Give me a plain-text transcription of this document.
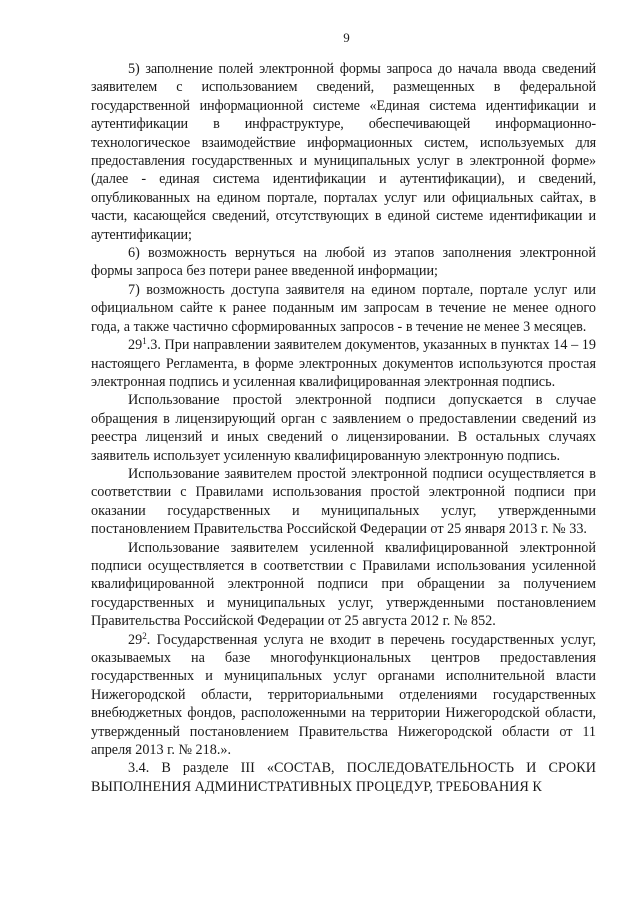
9

5) заполнение полей электронной формы запроса до начала ввода сведений заявителем с использованием сведений, размещенных в федеральной государственной информационной системе «Единая система идентификации и аутентификации в инфраструктуре, обеспечивающей информационно-технологическое взаимодействие информационных систем, используемых для предоставления государственных и муниципальных услуг в электронной форме» (далее - единая система идентификации и аутентификации), и сведений, опубликованных на едином портале, порталах услуг или официальных сайтах, в части, касающейся сведений, отсутствующих в единой системе идентификации и аутентификации;

6) возможность вернуться на любой из этапов заполнения электронной формы запроса без потери ранее введенной информации;

7) возможность доступа заявителя на едином портале, портале услуг или официальном сайте к ранее поданным им запросам в течение не менее одного года, а также частично сформированных запросов - в течение не менее 3 месяцев.

$29^1.3$. При направлении заявителем документов, указанных в пунктах 14 – 19 настоящего Регламента, в форме электронных документов используются простая электронная подпись и усиленная квалифицированная электронная подпись.

Использование простой электронной подписи допускается в случае обращения в лицензирующий орган с заявлением о предоставлении сведений из реестра лицензий и иных сведений о лицензировании. В остальных случаях заявитель использует усиленную квалифицированную электронную подпись.

Использование заявителем простой электронной подписи осуществляется в соответствии с Правилами использования простой электронной подписи при оказании государственных и муниципальных услуг, утвержденными постановлением Правительства Российской Федерации от 25 января 2013 г. № 33.

Использование заявителем усиленной квалифицированной электронной подписи осуществляется в соответствии с Правилами использования усиленной квалифицированной электронной подписи при обращении за получением государственных и муниципальных услуг, утвержденными постановлением Правительства Российской Федерации от 25 августа 2012 г. № 852.

$29^2$. Государственная услуга не входит в перечень государственных услуг, оказываемых на базе многофункциональных центров предоставления государственных и муниципальных услуг органами исполнительной власти Нижегородской области, территориальными отделениями государственных внебюджетных фондов, расположенными на территории Нижегородской области, утвержденный постановлением Правительства Нижегородской области от 11 апреля 2013 г. № 218.».

3.4. В разделе III «СОСТАВ, ПОСЛЕДОВАТЕЛЬНОСТЬ И СРОКИ ВЫПОЛНЕНИЯ АДМИНИСТРАТИВНЫХ ПРОЦЕДУР, ТРЕБОВАНИЯ К
